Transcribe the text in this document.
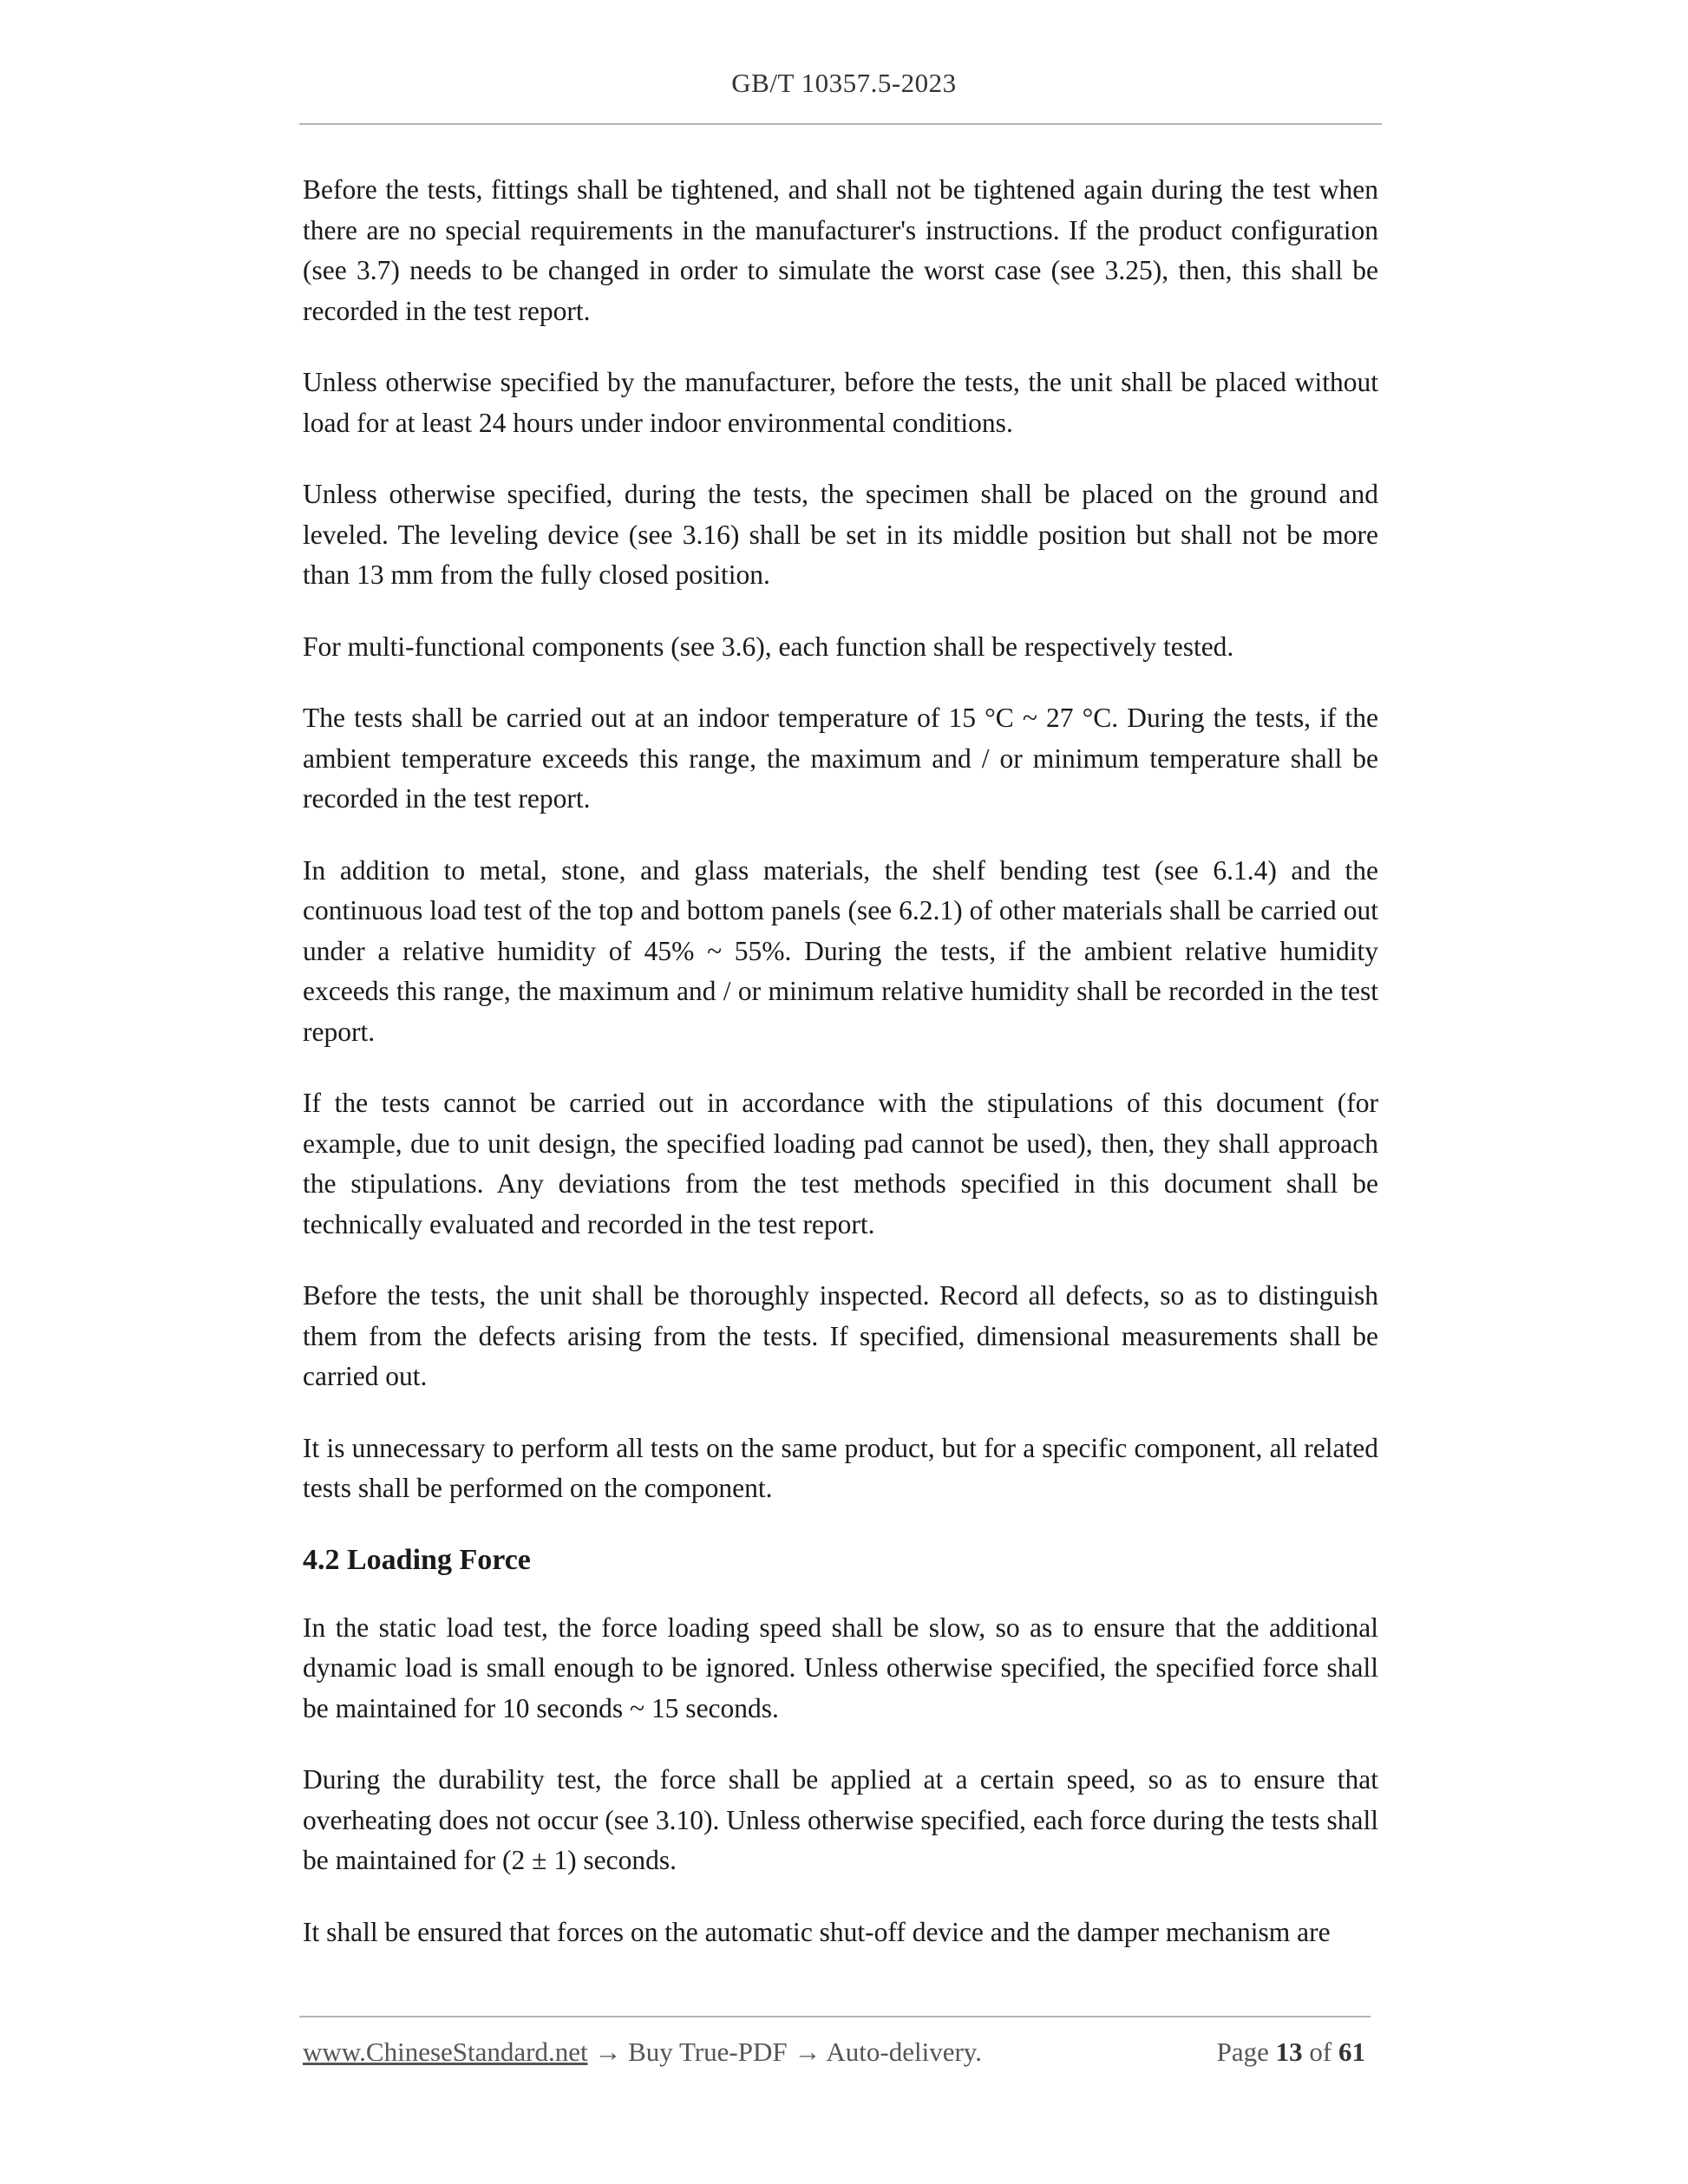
GB/T 10357.5-2023

Before the tests, fittings shall be tightened, and shall not be tightened again during the test when there are no special requirements in the manufacturer's instructions. If the product configuration (see 3.7) needs to be changed in order to simulate the worst case (see 3.25), then, this shall be recorded in the test report.

Unless otherwise specified by the manufacturer, before the tests, the unit shall be placed without load for at least 24 hours under indoor environmental conditions.

Unless otherwise specified, during the tests, the specimen shall be placed on the ground and leveled. The leveling device (see 3.16) shall be set in its middle position but shall not be more than 13 mm from the fully closed position.

For multi-functional components (see 3.6), each function shall be respectively tested.

The tests shall be carried out at an indoor temperature of 15 °C ~ 27 °C. During the tests, if the ambient temperature exceeds this range, the maximum and / or minimum temperature shall be recorded in the test report.

In addition to metal, stone, and glass materials, the shelf bending test (see 6.1.4) and the continuous load test of the top and bottom panels (see 6.2.1) of other materials shall be carried out under a relative humidity of 45% ~ 55%. During the tests, if the ambient relative humidity exceeds this range, the maximum and / or minimum relative humidity shall be recorded in the test report.

If the tests cannot be carried out in accordance with the stipulations of this document (for example, due to unit design, the specified loading pad cannot be used), then, they shall approach the stipulations. Any deviations from the test methods specified in this document shall be technically evaluated and recorded in the test report.

Before the tests, the unit shall be thoroughly inspected. Record all defects, so as to distinguish them from the defects arising from the tests. If specified, dimensional measurements shall be carried out.

It is unnecessary to perform all tests on the same product, but for a specific component, all related tests shall be performed on the component.

4.2 Loading Force

In the static load test, the force loading speed shall be slow, so as to ensure that the additional dynamic load is small enough to be ignored. Unless otherwise specified, the specified force shall be maintained for 10 seconds ~ 15 seconds.

During the durability test, the force shall be applied at a certain speed, so as to ensure that overheating does not occur (see 3.10). Unless otherwise specified, each force during the tests shall be maintained for (2 ± 1) seconds.

It shall be ensured that forces on the automatic shut-off device and the damper mechanism are

www.ChineseStandard.net → Buy True-PDF → Auto-delivery.	Page 13 of 61
